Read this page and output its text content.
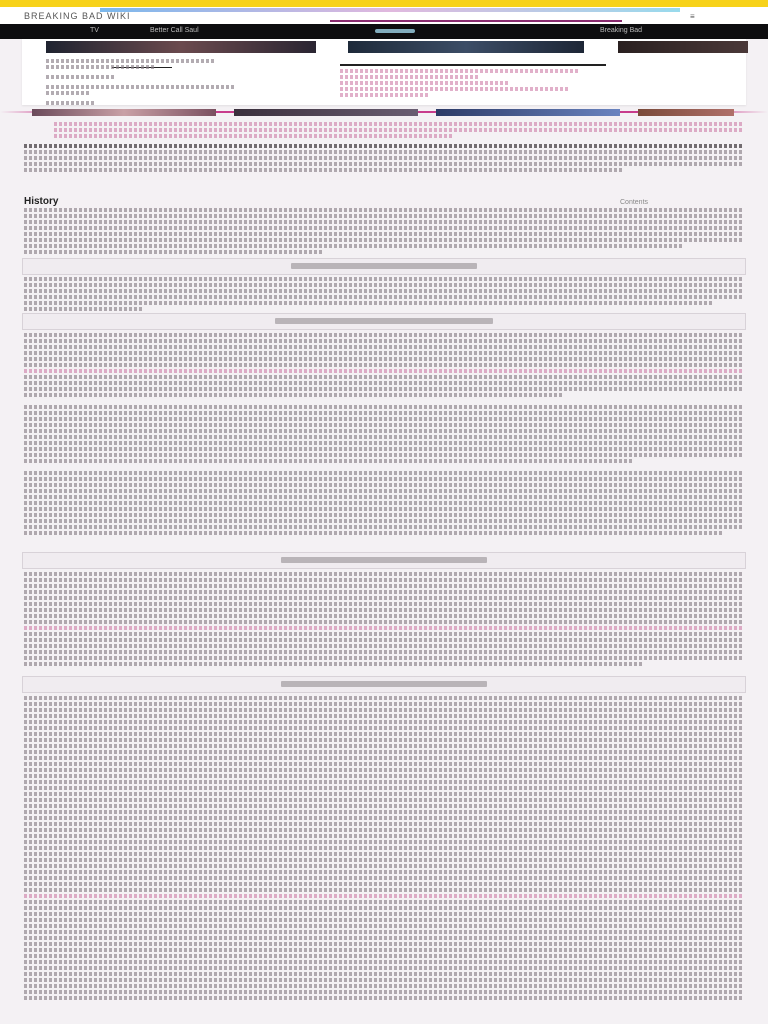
BREAKING BAD WIKI	≡
TV	Better Call Saul	Breaking Bad
History	Contents
